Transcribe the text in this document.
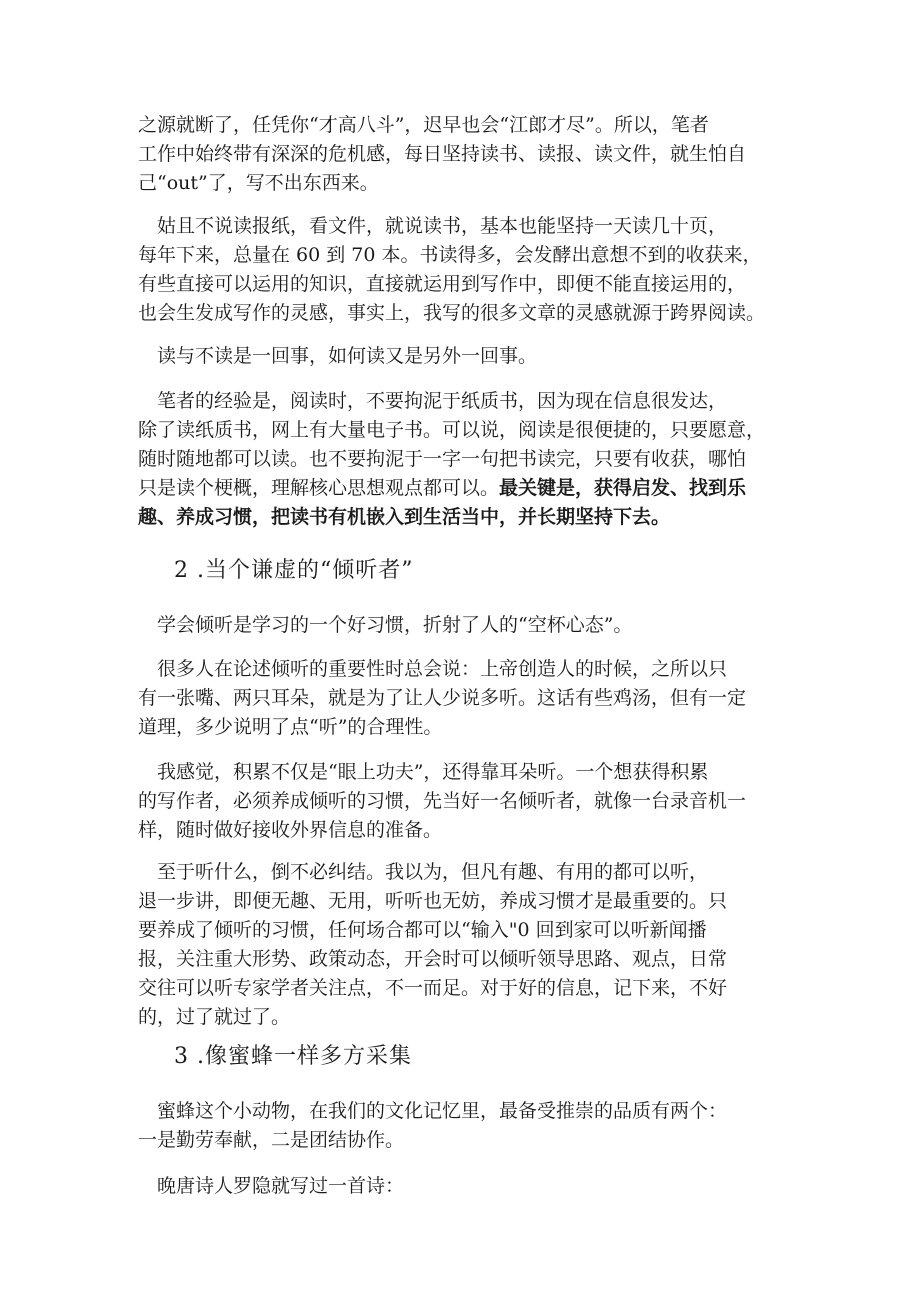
之源就断了，任凭你“才高八斗”，迟早也会“江郎才尽”。所以，笔者
工作中始终带有深深的危机感，每日坚持读书、读报、读文件，就生怕自
己“out”了，写不出东西来。

　姑且不说读报纸，看文件，就说读书，基本也能坚持一天读几十页，
每年下来，总量在 60 到 70 本。书读得多，会发酵出意想不到的收获来，
有些直接可以运用的知识，直接就运用到写作中，即便不能直接运用的，
也会生发成写作的灵感，事实上，我写的很多文章的灵感就源于跨界阅读。

　读与不读是一回事，如何读又是另外一回事。

　笔者的经验是，阅读时，不要拘泥于纸质书，因为现在信息很发达，
除了读纸质书，网上有大量电子书。可以说，阅读是很便捷的，只要愿意，
随时随地都可以读。也不要拘泥于一字一句把书读完，只要有收获，哪怕
只是读个梗概，理解核心思想观点都可以。最关键是，获得启发、找到乐
趣、养成习惯，把读书有机嵌入到生活当中，并长期坚持下去。

2 .当个谦虚的“倾听者”

　学会倾听是学习的一个好习惯，折射了人的“空杯心态”。

　很多人在论述倾听的重要性时总会说：上帝创造人的时候，之所以只
有一张嘴、两只耳朵，就是为了让人少说多听。这话有些鸡汤，但有一定
道理，多少说明了点“听”的合理性。

　我感觉，积累不仅是“眼上功夫”，还得靠耳朵听。一个想获得积累
的写作者，必须养成倾听的习惯，先当好一名倾听者，就像一台录音机一
样，随时做好接收外界信息的准备。

　至于听什么，倒不必纠结。我以为，但凡有趣、有用的都可以听，
退一步讲，即便无趣、无用，听听也无妨，养成习惯才是最重要的。只
要养成了倾听的习惯，任何场合都可以“输入"0 回到家可以听新闻播
报，关注重大形势、政策动态，开会时可以倾听领导思路、观点，日常
交往可以听专家学者关注点，不一而足。对于好的信息，记下来，不好
的，过了就过了。

3 .像蜜蜂一样多方采集

　蜜蜂这个小动物，在我们的文化记忆里，最备受推崇的品质有两个：
一是勤劳奉献，二是团结协作。

　晚唐诗人罗隐就写过一首诗：
